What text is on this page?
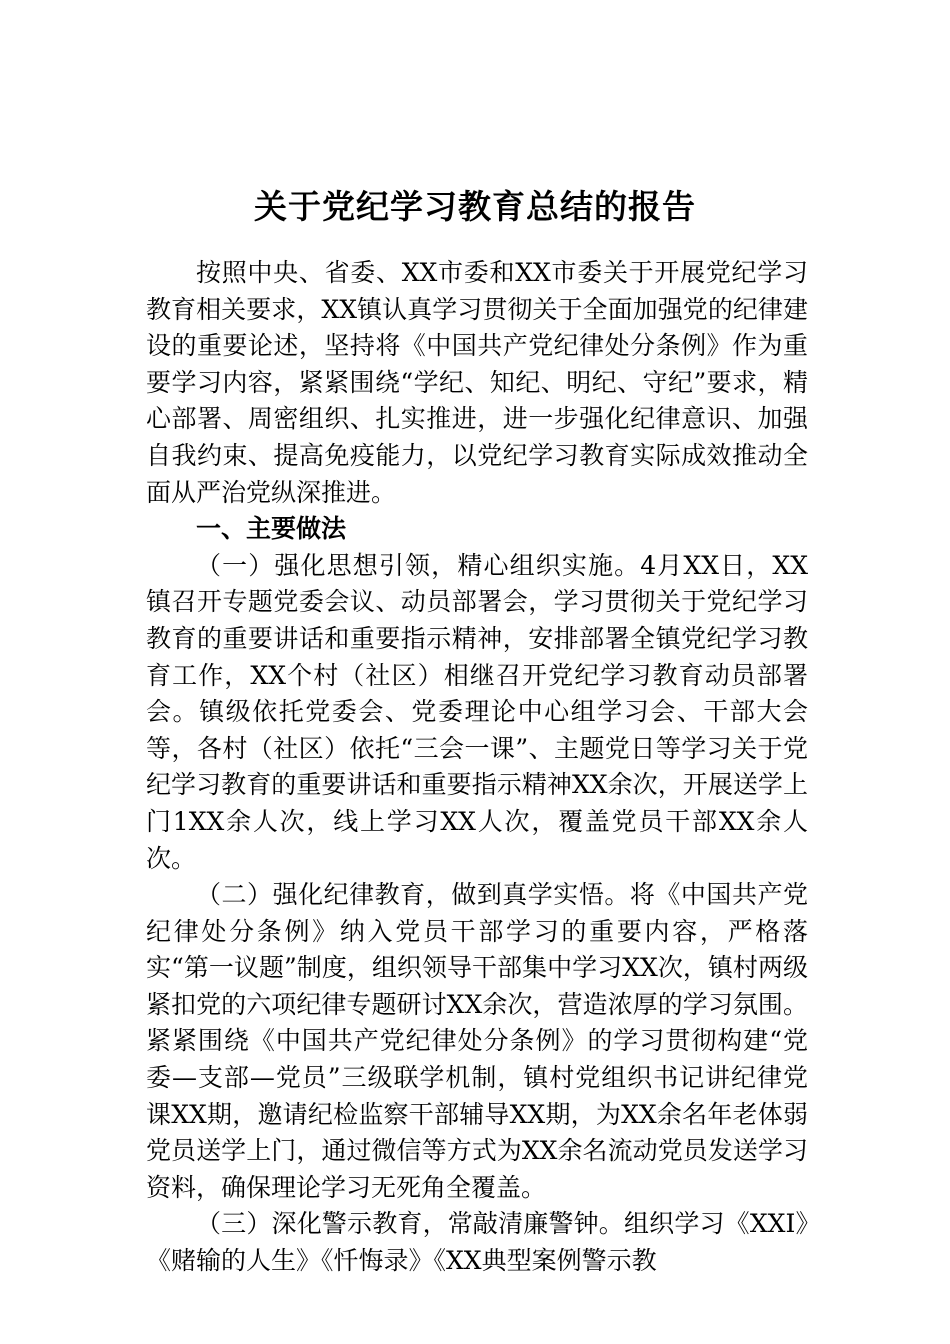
关于党纪学习教育总结的报告

按照中央、省委、XX市委和XX市委关于开展党纪学习教育相关要求，XX镇认真学习贯彻关于全面加强党的纪律建设的重要论述，坚持将《中国共产党纪律处分条例》作为重要学习内容，紧紧围绕“学纪、知纪、明纪、守纪”要求，精心部署、周密组织、扎实推进，进一步强化纪律意识、加强自我约束、提高免疫能力，以党纪学习教育实际成效推动全面从严治党纵深推进。

一、主要做法

（一）强化思想引领，精心组织实施。4月XX日，XX镇召开专题党委会议、动员部署会，学习贯彻关于党纪学习教育的重要讲话和重要指示精神，安排部署全镇党纪学习教育工作，XX个村（社区）相继召开党纪学习教育动员部署会。镇级依托党委会、党委理论中心组学习会、干部大会等，各村（社区）依托“三会一课”、主题党日等学习关于党纪学习教育的重要讲话和重要指示精神XX余次，开展送学上门1XX余人次，线上学习XX人次，覆盖党员干部XX余人次。

（二）强化纪律教育，做到真学实悟。将《中国共产党纪律处分条例》纳入党员干部学习的重要内容，严格落实“第一议题”制度，组织领导干部集中学习XX次，镇村两级紧扣党的六项纪律专题研讨XX余次，营造浓厚的学习氛围。紧紧围绕《中国共产党纪律处分条例》的学习贯彻构建“党委—支部—党员”三级联学机制，镇村党组织书记讲纪律党课XX期，邀请纪检监察干部辅导XX期，为XX余名年老体弱党员送学上门，通过微信等方式为XX余名流动党员发送学习资料，确保理论学习无死角全覆盖。

（三）深化警示教育，常敲清廉警钟。组织学习《XXI》《赌输的人生》《忏悔录》《XX典型案例警示教
